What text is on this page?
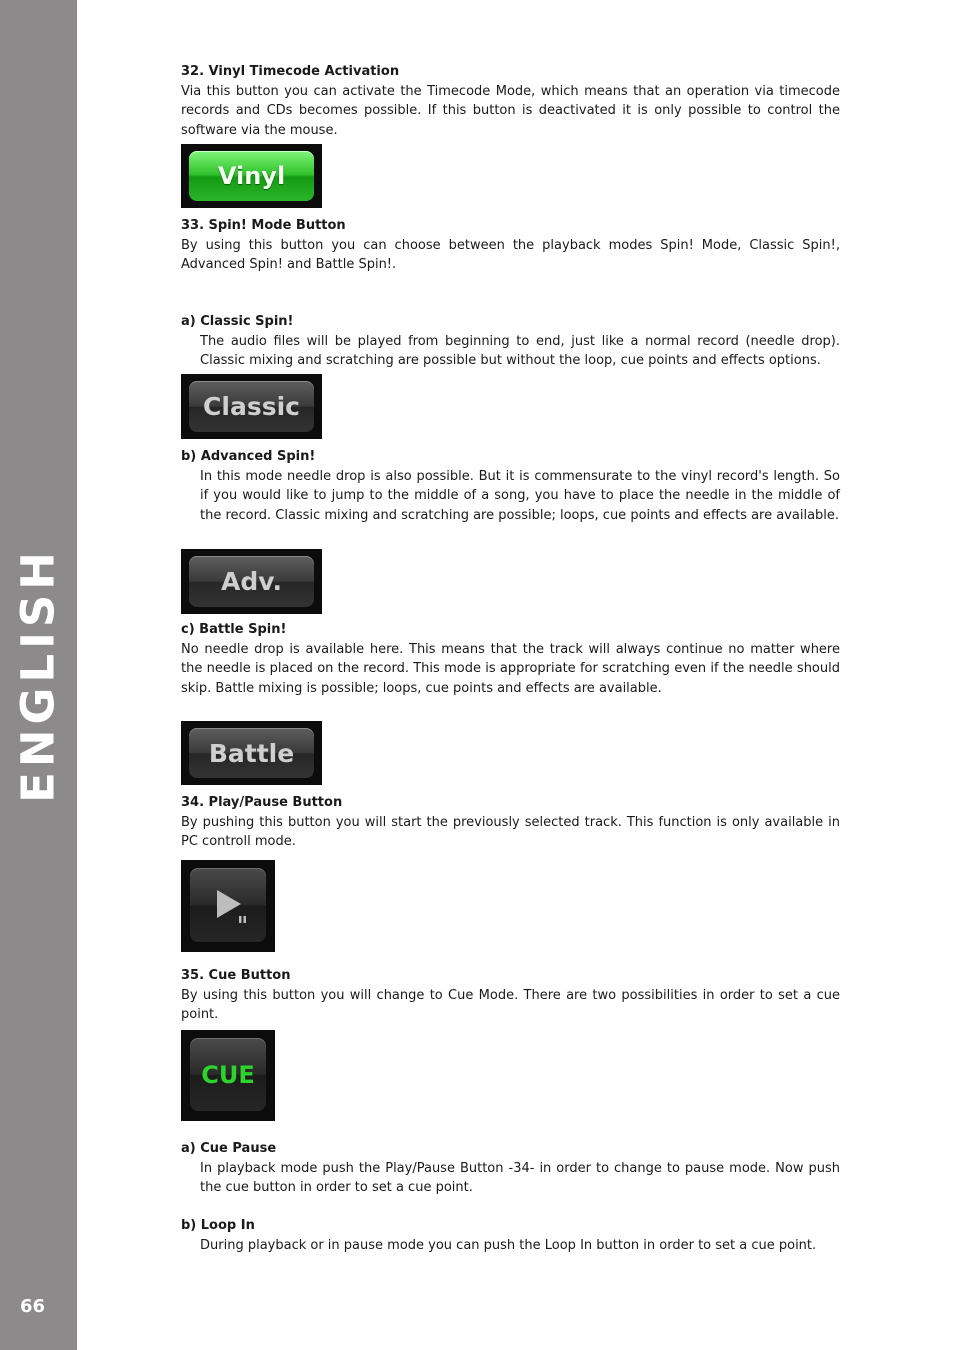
ENGLISH
66
32. Vinyl Timecode Activation
Via this button you can activate the Timecode Mode, which means that an operation via timecode records and CDs becomes possible. If this button is deactivated it is only possible to control the software via the mouse.
Vinyl
33. Spin! Mode Button
By using this button you can choose between the playback modes Spin! Mode, Classic Spin!, Advanced Spin! and Battle Spin!.
a) Classic Spin!
The audio files will be played from beginning to end, just like a normal record (needle drop). Classic mixing and scratching are possible but without the loop, cue points and effects options.
Classic
b) Advanced Spin!
In this mode needle drop is also possible. But it is commensurate to the vinyl record's length. So if you would like to jump to the middle of a song, you have to place the needle in the middle of the record. Classic mixing and scratching are possible; loops, cue points and effects are available.
Adv.
c) Battle Spin!
No needle drop is available here. This means that the track will always continue no matter where the needle is placed on the record. This mode is appropriate for scratching even if the needle should skip. Battle mixing is possible; loops, cue points and effects are available.
Battle
34. Play/Pause Button
By pushing this button you will start the previously selected track. This function is only available in PC controll mode.
35. Cue Button
By using this button you will change to Cue Mode. There are two possibilities in order to set a cue point.
CUE
a) Cue Pause
In playback mode push the Play/Pause Button -34- in order to change to pause mode. Now push the cue button in order to set a cue point.
b) Loop In
During playback or in pause mode you can push the Loop In button in order to set a cue point.
